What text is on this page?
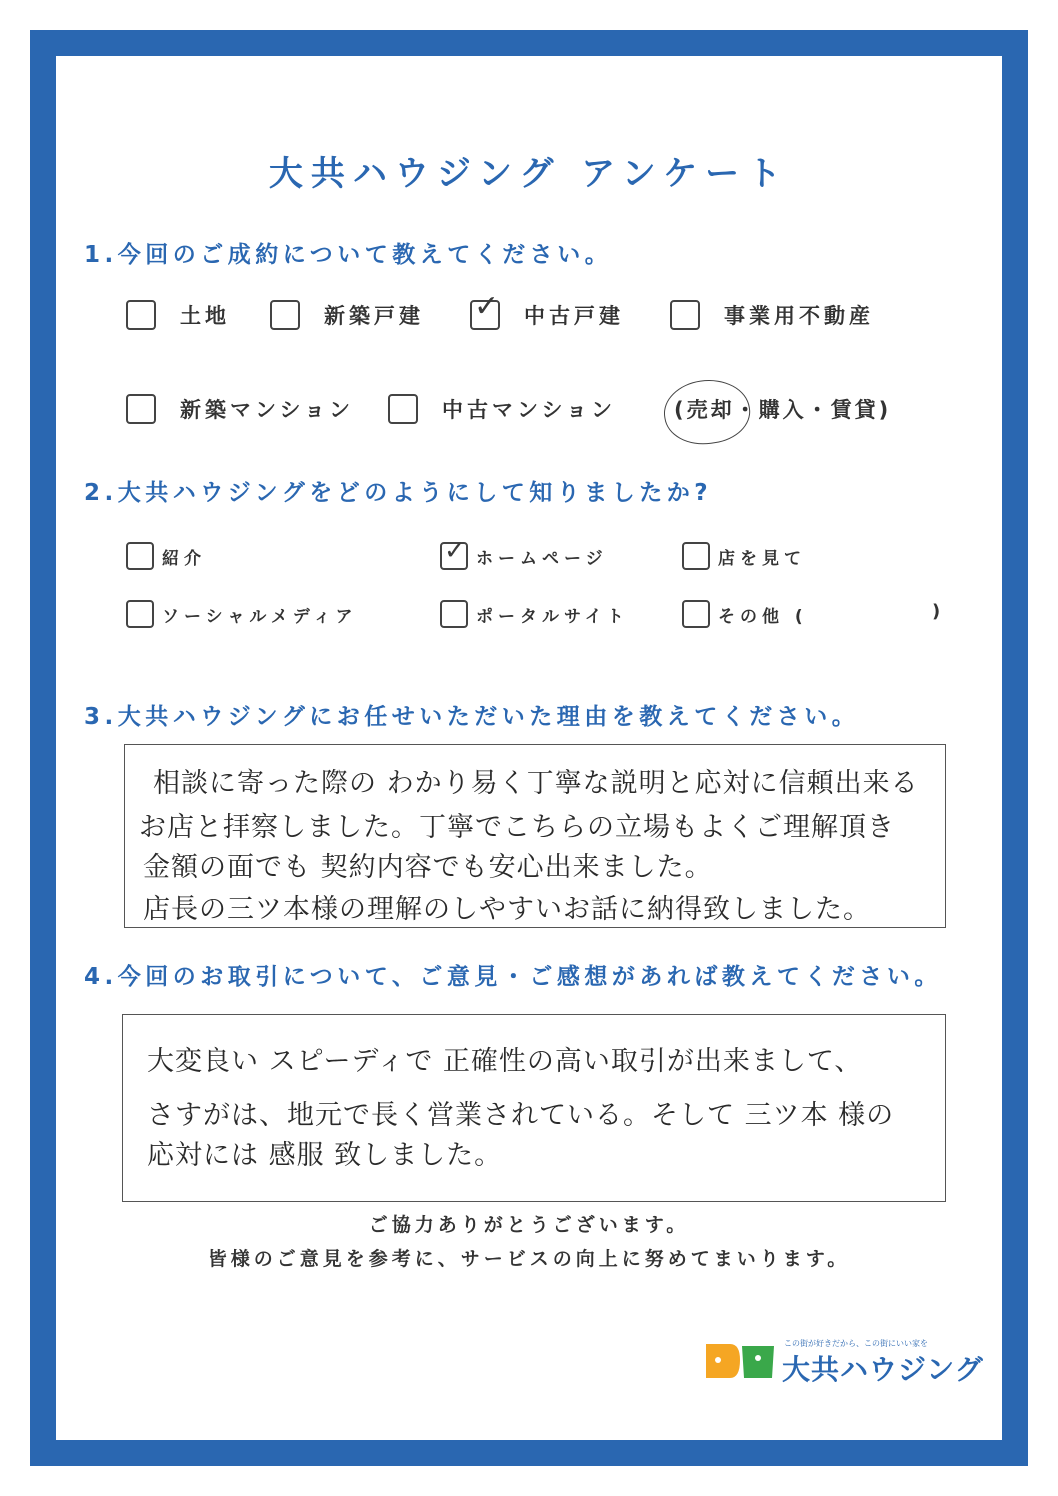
大共ハウジング アンケート
1.今回のご成約について教えてください。
土地	新築戸建 ✓ 中古戸建	事業用不動産
新築マンション	中古マンション	(売却・購入・賃貸)
2.大共ハウジングをどのようにして知りましたか?
紹介	✓ ホームページ	店を見て
ソーシャルメディア	ポータルサイト	その他 (	)
3.大共ハウジングにお任せいただいた理由を教えてください。
相談に寄った際の わかり易く丁寧な説明と応対に信頼出来る
お店と拝察しました。丁寧でこちらの立場もよくご理解頂き
金額の面でも 契約内容でも安心出来ました。
店長の三ツ本様の理解のしやすいお話に納得致しました。
4.今回のお取引について、ご意見・ご感想があれば教えてください。
大変良い スピーディで 正確性の高い取引が出来まして、
さすがは、地元で長く営業されている。そして 三ツ本 様の
応対には 感服 致しました。
ご協力ありがとうございます。
皆様のご意見を参考に、サービスの向上に努めてまいります。
この街が好きだから、この街にいい家を
大共ハウジング
